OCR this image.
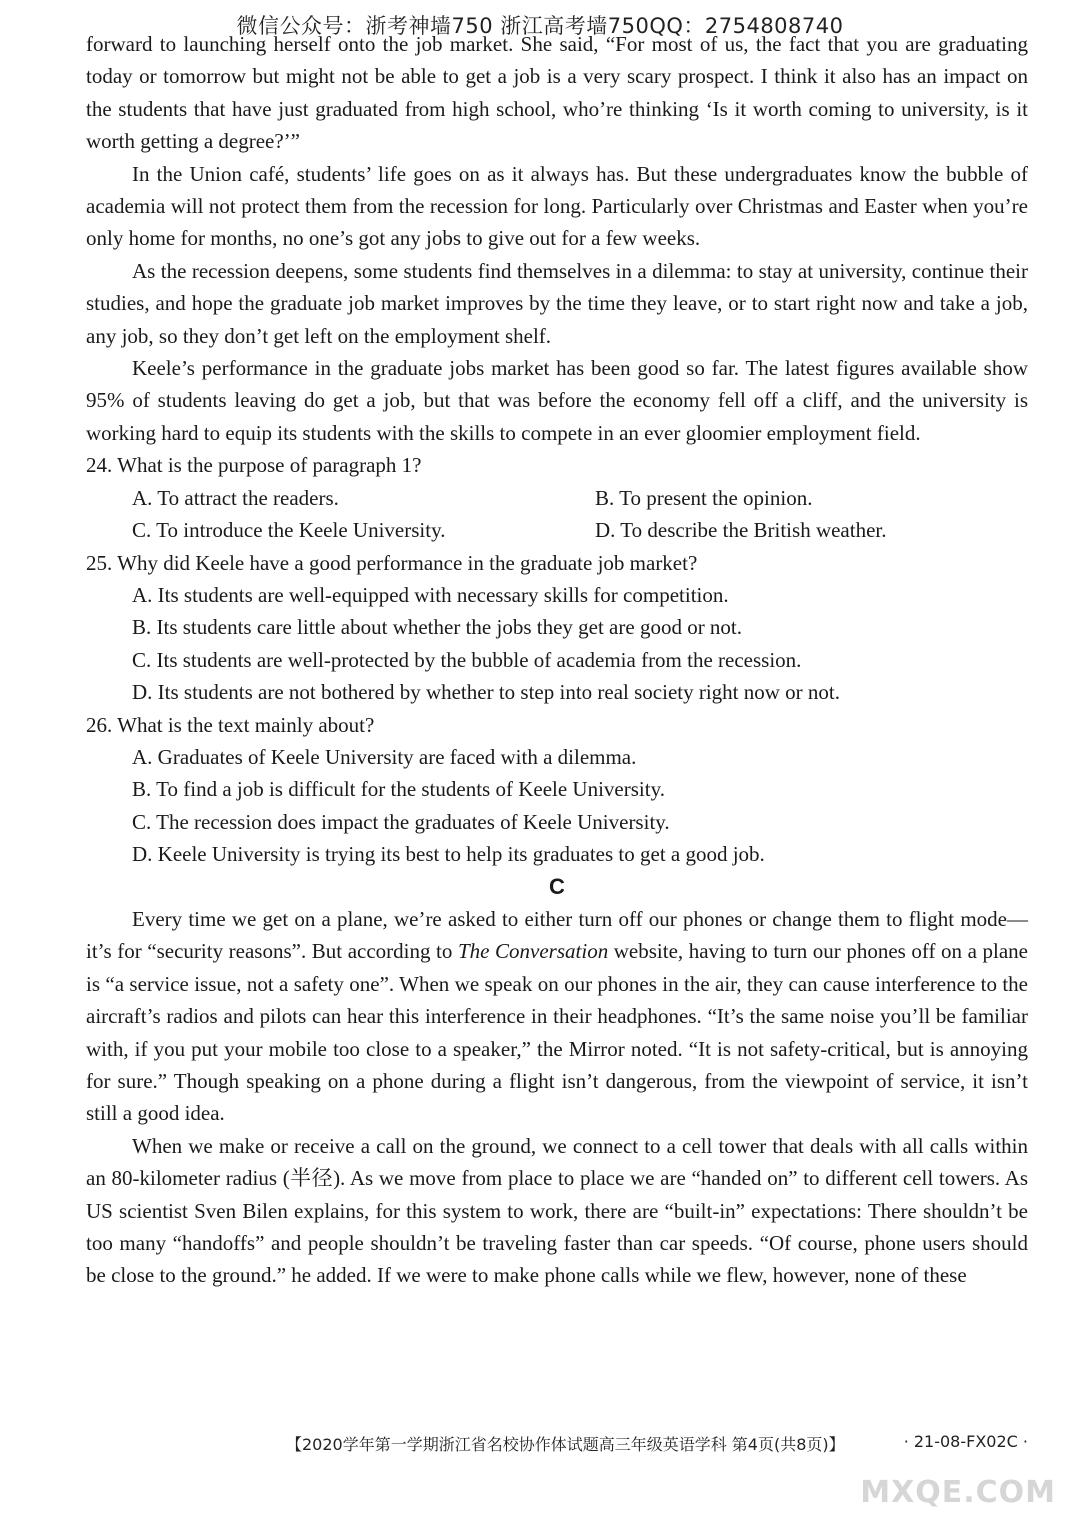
微信公众号：浙考神墙750 浙江高考墙750QQ：2754808740

forward to launching herself onto the job market. She said, “For most of us, the fact that you are graduating today or tomorrow but might not be able to get a job is a very scary prospect. I think it also has an impact on the students that have just graduated from high school, who’re thinking ‘Is it worth coming to university, is it worth getting a degree?’”

In the Union café, students’ life goes on as it always has. But these undergraduates know the bubble of academia will not protect them from the recession for long. Particularly over Christmas and Easter when you’re only home for months, no one’s got any jobs to give out for a few weeks.

As the recession deepens, some students find themselves in a dilemma: to stay at university, continue their studies, and hope the graduate job market improves by the time they leave, or to start right now and take a job, any job, so they don’t get left on the employment shelf.

Keele’s performance in the graduate jobs market has been good so far. The latest figures available show 95% of students leaving do get a job, but that was before the economy fell off a cliff, and the university is working hard to equip its students with the skills to compete in an ever gloomier employment field.

24. What is the purpose of paragraph 1?

A. To attract the readers.	B. To present the opinion.

C. To introduce the Keele University.	D. To describe the British weather.

25. Why did Keele have a good performance in the graduate job market?

A. Its students are well-equipped with necessary skills for competition.

B. Its students care little about whether the jobs they get are good or not.

C. Its students are well-protected by the bubble of academia from the recession.

D. Its students are not bothered by whether to step into real society right now or not.

26. What is the text mainly about?

A. Graduates of Keele University are faced with a dilemma.

B. To find a job is difficult for the students of Keele University.

C. The recession does impact the graduates of Keele University.

D. Keele University is trying its best to help its graduates to get a good job.

C

Every time we get on a plane, we’re asked to either turn off our phones or change them to flight mode—it’s for “security reasons”. But according to The Conversation website, having to turn our phones off on a plane is “a service issue, not a safety one”. When we speak on our phones in the air, they can cause interference to the aircraft’s radios and pilots can hear this interference in their headphones. “It’s the same noise you’ll be familiar with, if you put your mobile too close to a speaker,” the Mirror noted. “It is not safety-critical, but is annoying for sure.” Though speaking on a phone during a flight isn’t dangerous, from the viewpoint of service, it isn’t still a good idea.

When we make or receive a call on the ground, we connect to a cell tower that deals with all calls within an 80-kilometer radius (半径). As we move from place to place we are “handed on” to different cell towers. As US scientist Sven Bilen explains, for this system to work, there are “built-in” expectations: There shouldn’t be too many “handoffs” and people shouldn’t be traveling faster than car speeds. “Of course, phone users should be close to the ground.” he added. If we were to make phone calls while we flew, however, none of these

【2020学年第一学期浙江省名校协作体试题高三年级英语学科 第4页(共8页)】	· 21-08-FX02C ·
MXQE.COM
